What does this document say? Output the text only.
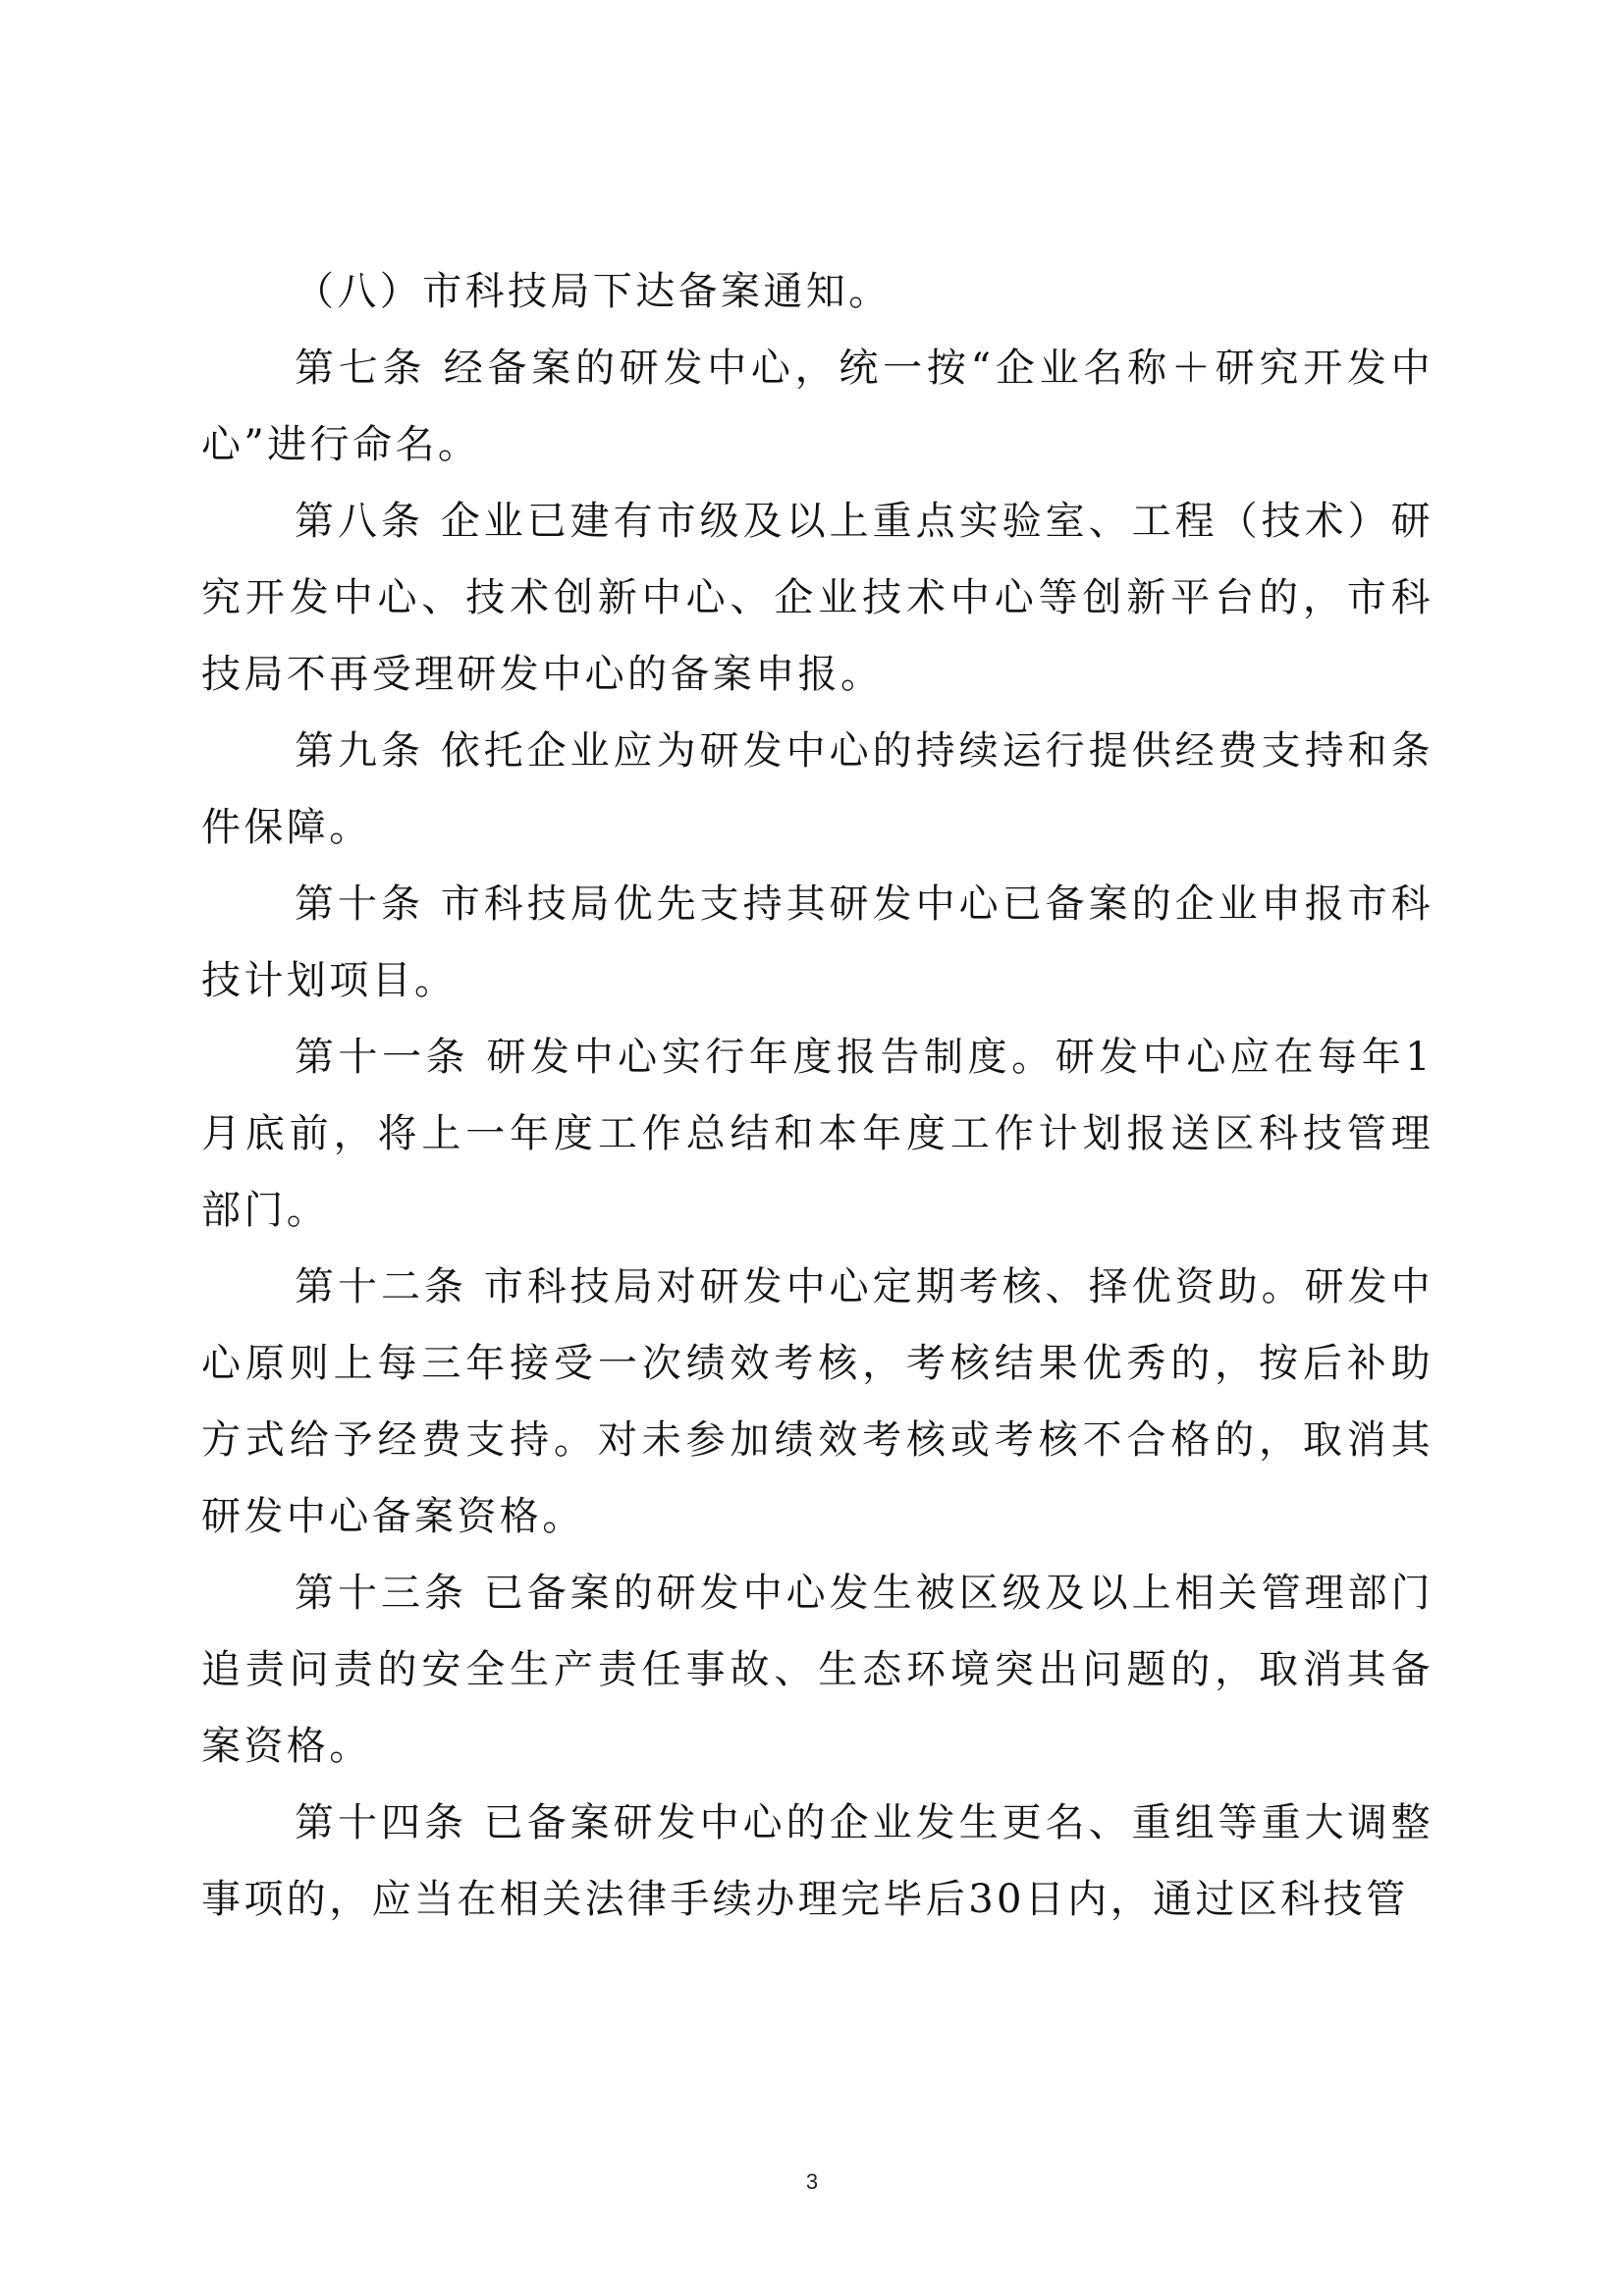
（八）市科技局下达备案通知。

第七条 经备案的研发中心，统一按“企业名称＋研究开发中心”进行命名。

第八条 企业已建有市级及以上重点实验室、工程（技术）研究开发中心、技术创新中心、企业技术中心等创新平台的，市科技局不再受理研发中心的备案申报。

第九条 依托企业应为研发中心的持续运行提供经费支持和条件保障。

第十条 市科技局优先支持其研发中心已备案的企业申报市科技计划项目。

第十一条 研发中心实行年度报告制度。研发中心应在每年1月底前，将上一年度工作总结和本年度工作计划报送区科技管理部门。

第十二条 市科技局对研发中心定期考核、择优资助。研发中心原则上每三年接受一次绩效考核，考核结果优秀的，按后补助方式给予经费支持。对未参加绩效考核或考核不合格的，取消其研发中心备案资格。

第十三条 已备案的研发中心发生被区级及以上相关管理部门追责问责的安全生产责任事故、生态环境突出问题的，取消其备案资格。

第十四条 已备案研发中心的企业发生更名、重组等重大调整事项的，应当在相关法律手续办理完毕后30日内，通过区科技管

3
